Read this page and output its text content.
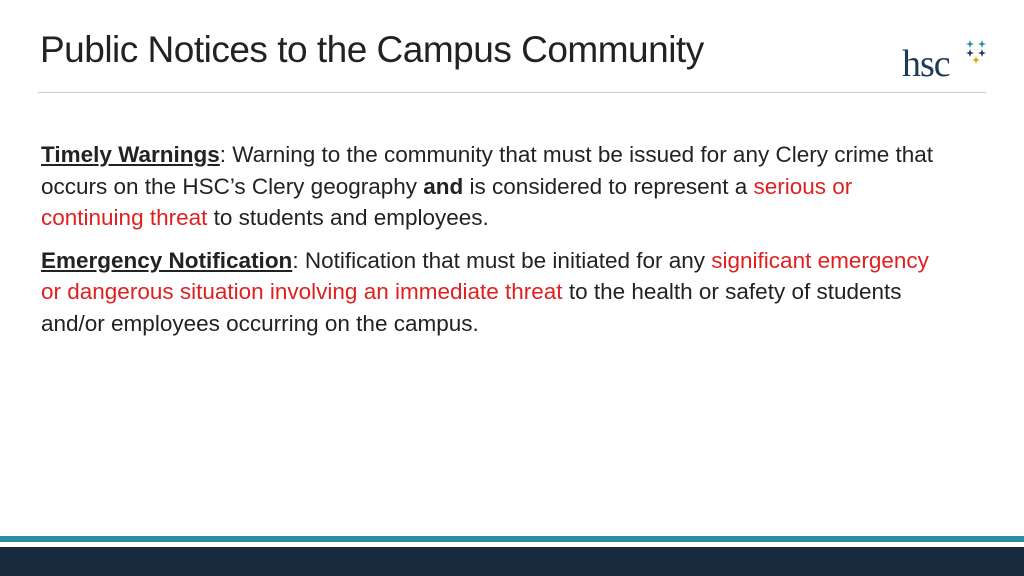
Public Notices to the Campus Community	hsc

Timely Warnings: Warning to the community that must be issued for any Clery crime that occurs on the HSC’s Clery geography and is considered to represent a serious or continuing threat to students and employees.

Emergency Notification: Notification that must be initiated for any significant emergency or dangerous situation involving an immediate threat to the health or safety of students and/or employees occurring on the campus.
